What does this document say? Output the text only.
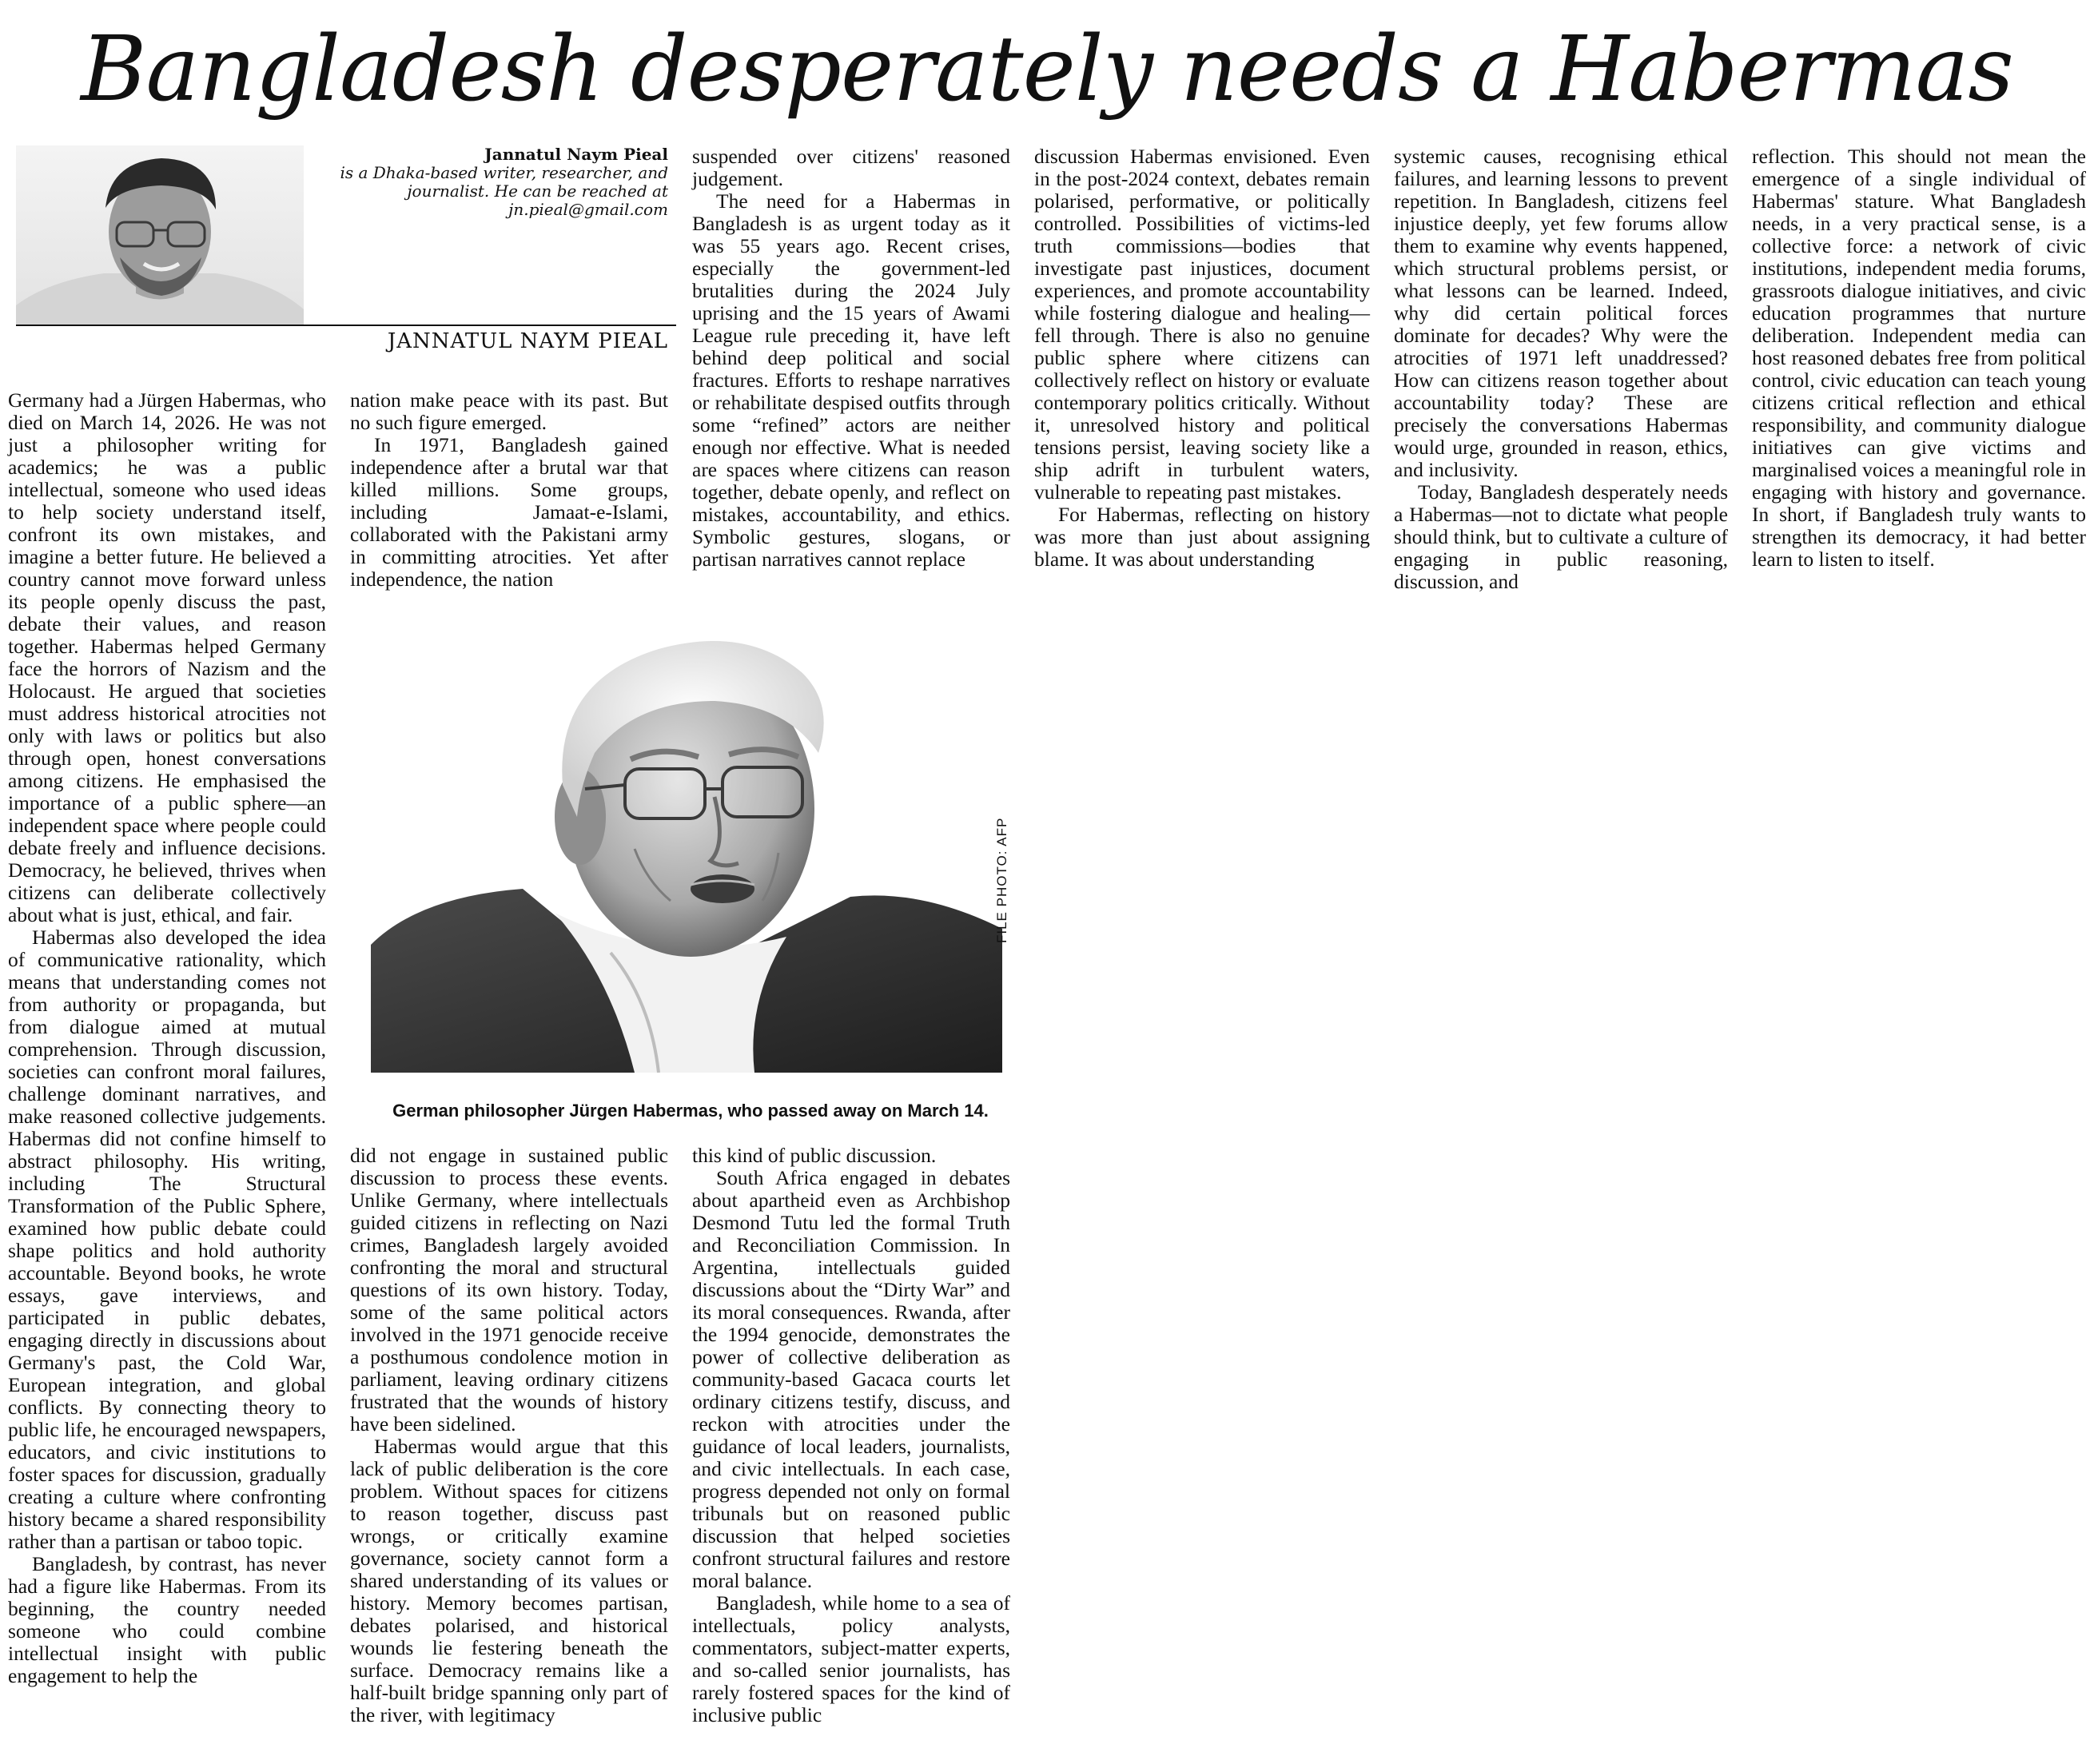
Bangladesh desperately needs a Habermas
Jannatul Naym Pieal
is a Dhaka-based writer, researcher, and journalist. He can be reached at jn.pieal@gmail.com
JANNATUL NAYM PIEAL

Germany had a Jürgen Habermas, who died on March 14, 2026. He was not just a philosopher writing for academics; he was a public intellectual, someone who used ideas to help society understand itself, confront its own mistakes, and imagine a better future. He believed a country cannot move forward unless its people openly discuss the past, debate their values, and reason together. Habermas helped Germany face the horrors of Nazism and the Holocaust. He argued that societies must address historical atrocities not only with laws or politics but also through open, honest conversations among citizens. He emphasised the importance of a public sphere—an independent space where people could debate freely and influence decisions. Democracy, he believed, thrives when citizens can deliberate collectively about what is just, ethical, and fair.

Habermas also developed the idea of communicative rationality, which means that understanding comes not from authority or propaganda, but from dialogue aimed at mutual comprehension. Through discussion, societies can confront moral failures, challenge dominant narratives, and make reasoned collective judgements. Habermas did not confine himself to abstract philosophy. His writing, including The Structural Transformation of the Public Sphere, examined how public debate could shape politics and hold authority accountable. Beyond books, he wrote essays, gave interviews, and participated in public debates, engaging directly in discussions about Germany's past, the Cold War, European integration, and global conflicts. By connecting theory to public life, he encouraged newspapers, educators, and civic institutions to foster spaces for discussion, gradually creating a culture where confronting history became a shared responsibility rather than a partisan or taboo topic.

Bangladesh, by contrast, has never had a figure like Habermas. From its beginning, the country needed someone who could combine intellectual insight with public engagement to help the

nation make peace with its past. But no such figure emerged.

In 1971, Bangladesh gained independence after a brutal war that killed millions. Some groups, including Jamaat-e-Islami, collaborated with the Pakistani army in committing atrocities. Yet after independence, the nation

suspended over citizens' reasoned judgement.

The need for a Habermas in Bangladesh is as urgent today as it was 55 years ago. Recent crises, especially the government-led brutalities during the 2024 July uprising and the 15 years of Awami League rule preceding it, have left behind deep political and social fractures. Efforts to reshape narratives or rehabilitate despised outfits through some “refined” actors are neither enough nor effective. What is needed are spaces where citizens can reason together, debate openly, and reflect on mistakes, accountability, and ethics. Symbolic gestures, slogans, or partisan narratives cannot replace

discussion Habermas envisioned. Even in the post-2024 context, debates remain polarised, performative, or politically controlled. Possibilities of victims-led truth commissions—bodies that investigate past injustices, document experiences, and promote accountability while fostering dialogue and healing—fell through. There is also no genuine public sphere where citizens can collectively reflect on history or evaluate contemporary politics critically. Without it, unresolved history and political tensions persist, leaving society like a ship adrift in turbulent waters, vulnerable to repeating past mistakes.

For Habermas, reflecting on history was more than just about assigning blame. It was about understanding

systemic causes, recognising ethical failures, and learning lessons to prevent repetition. In Bangladesh, citizens feel injustice deeply, yet few forums allow them to examine why events happened, which structural problems persist, or what lessons can be learned. Indeed, why did certain political forces dominate for decades? Why were the atrocities of 1971 left unaddressed? How can citizens reason together about accountability today? These are precisely the conversations Habermas would urge, grounded in reason, ethics, and inclusivity.

Today, Bangladesh desperately needs a Habermas—not to dictate what people should think, but to cultivate a culture of engaging in public reasoning, discussion, and

reflection. This should not mean the emergence of a single individual of Habermas' stature. What Bangladesh needs, in a very practical sense, is a collective force: a network of civic institutions, independent media forums, grassroots dialogue initiatives, and civic education programmes that nurture deliberation. Independent media can host reasoned debates free from political control, civic education can teach young citizens critical reflection and ethical responsibility, and community dialogue initiatives can give victims and marginalised voices a meaningful role in engaging with history and governance. In short, if Bangladesh truly wants to strengthen its democracy, it had better learn to listen to itself.

FILE PHOTO: AFP
German philosopher Jürgen Habermas, who passed away on March 14.

did not engage in sustained public discussion to process these events. Unlike Germany, where intellectuals guided citizens in reflecting on Nazi crimes, Bangladesh largely avoided confronting the moral and structural questions of its own history. Today, some of the same political actors involved in the 1971 genocide receive a posthumous condolence motion in parliament, leaving ordinary citizens frustrated that the wounds of history have been sidelined.

Habermas would argue that this lack of public deliberation is the core problem. Without spaces for citizens to reason together, discuss past wrongs, or critically examine governance, society cannot form a shared understanding of its values or history. Memory becomes partisan, debates polarised, and historical wounds lie festering beneath the surface. Democracy remains like a half-built bridge spanning only part of the river, with legitimacy

this kind of public discussion.

South Africa engaged in debates about apartheid even as Archbishop Desmond Tutu led the formal Truth and Reconciliation Commission. In Argentina, intellectuals guided discussions about the “Dirty War” and its moral consequences. Rwanda, after the 1994 genocide, demonstrates the power of collective deliberation as community-based Gacaca courts let ordinary citizens testify, discuss, and reckon with atrocities under the guidance of local leaders, journalists, and civic intellectuals. In each case, progress depended not only on formal tribunals but on reasoned public discussion that helped societies confront structural failures and restore moral balance.

Bangladesh, while home to a sea of intellectuals, policy analysts, commentators, subject-matter experts, and so-called senior journalists, has rarely fostered spaces for the kind of inclusive public
